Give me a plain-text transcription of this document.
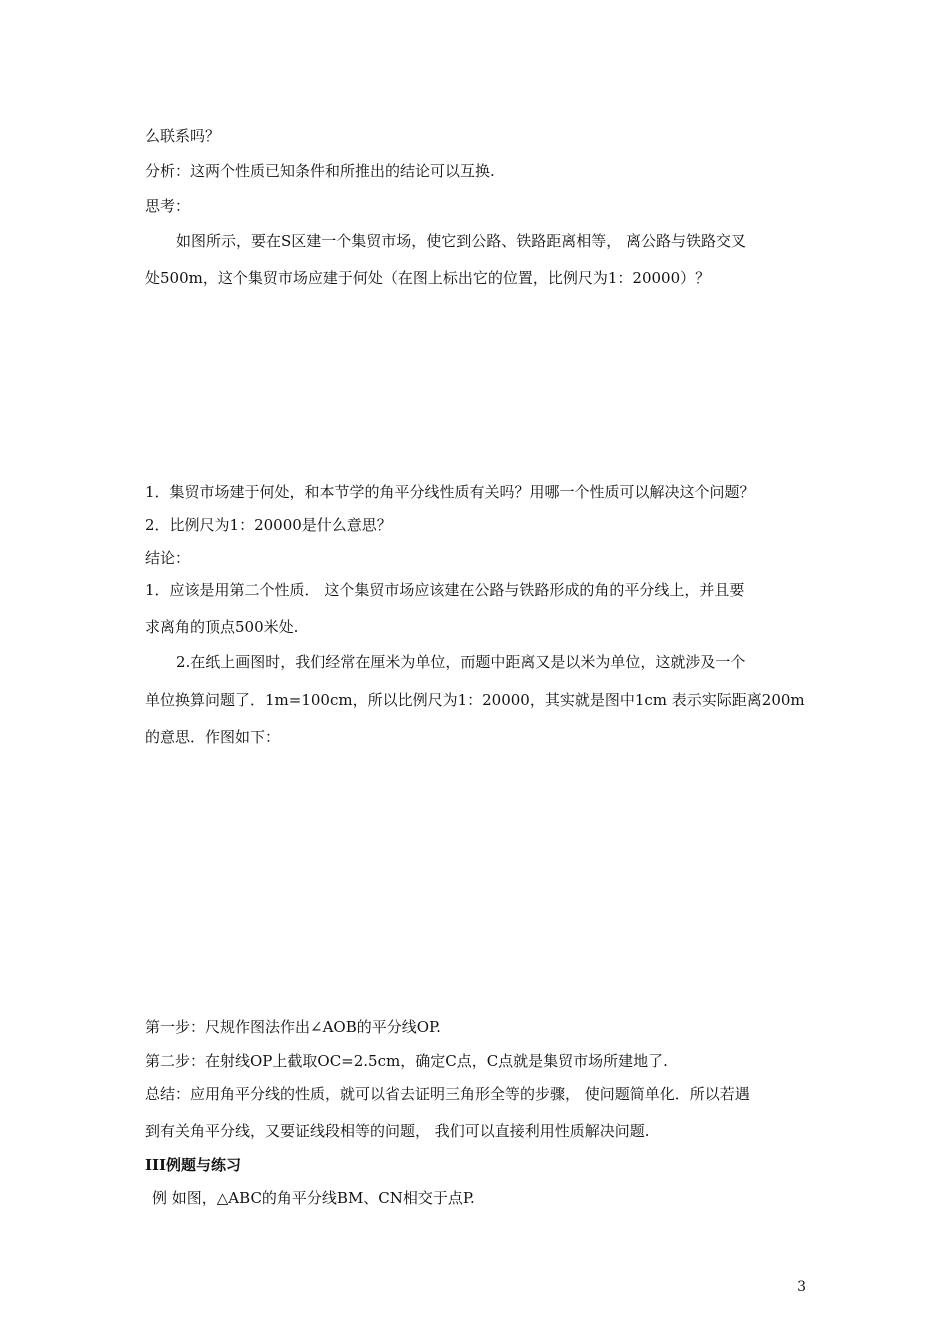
么联系吗？
分析：这两个性质已知条件和所推出的结论可以互换.
思考：
如图所示，要在S区建一个集贸市场，使它到公路、铁路距离相等， 离公路与铁路交叉
处500m，这个集贸市场应建于何处（在图上标出它的位置，比例尺为1：20000）？
1．集贸市场建于何处，和本节学的角平分线性质有关吗？用哪一个性质可以解决这个问题？
2．比例尺为1：20000是什么意思？
结论：
1．应该是用第二个性质． 这个集贸市场应该建在公路与铁路形成的角的平分线上，并且要
求离角的顶点500米处.
2.在纸上画图时，我们经常在厘米为单位，而题中距离又是以米为单位，这就涉及一个
单位换算问题了．1m=100cm，所以比例尺为1：20000，其实就是图中1cm 表示实际距离200m
的意思．作图如下：
第一步：尺规作图法作出∠AOB的平分线OP.
第二步：在射线OP上截取OC=2.5cm，确定C点，C点就是集贸市场所建地了.
总结：应用角平分线的性质，就可以省去证明三角形全等的步骤， 使问题简单化．所以若遇
到有关角平分线，又要证线段相等的问题， 我们可以直接利用性质解决问题.
III例题与练习
例 如图，△ABC的角平分线BM、CN相交于点P.
3
